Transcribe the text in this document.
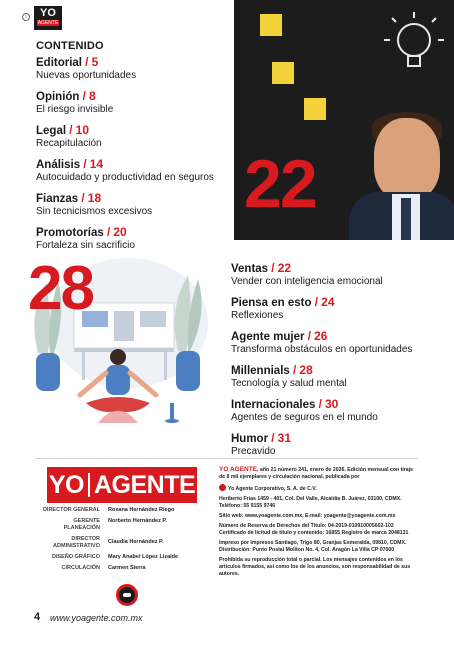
i	YO
AGENTE
CONTENIDO
Editorial / 5
Nuevas oportunidades
Opinión / 8
El riesgo invisible
Legal / 10
Recapitulación
Análisis / 14
Autocuidado y productividad en seguros
Fianzas / 18
Sin tecnicismos excesivos
Promotorías / 20
Fortaleza sin sacrificio
22
28	Ventas / 22
Vender con inteligencia emocional
Piensa en esto / 24
Reflexiones
Agente mujer / 26
Transforma obstáculos en oportunidades
Millennials / 28
Tecnología y salud mental
Internacionales / 30
Agentes de seguros en el mundo
Humor / 31
Precavido
YO AGENTE
DIRECTOR GENERAL	Roxana Hernández Riego
GERENTE PLANEACIÓN
Norberto Hernández P.
DIRECTOR ADMINISTRATIVO
Claudia Hernández P.
DISEÑO GRÁFICO	Mary Anabel López Lizalde
CIRCULACIÓN	Carmen Sierra

YO AGENTE, año 21 número 241, enero de 2026. Edición mensual con tiraje de 8 mil ejemplares y circulación nacional, publicada por

Yo Agente Corporativo, S. A. de C.V.

Heriberto Frías 1459 - 401, Col. Del Valle, Alcaldía B. Juárez, 03100, CDMX. Teléfono: 55 9155 9746

Sitio web: www.yoagente.com.mx, E-mail: yoagente@yoagente.com.mx

Número de Reserva de Derechos del Título: 04-2019-010910005602-102 Certificado de licitud de título y contenido: 16855 Registro de marca 2048131

Impreso por Impresos Santiago, Trigo 80, Granjas Esmeralda, 09810, CDMX. Distribución: Punto Postal Moliton No. 4, Col. Aragón La Villa CP 07000

Prohibida su reproducción total o parcial. Los mensajes contenidos en los artículos firmados, así como los de los anuncios, son responsabilidad de sus autores.

4 www.yoagente.com.mx
